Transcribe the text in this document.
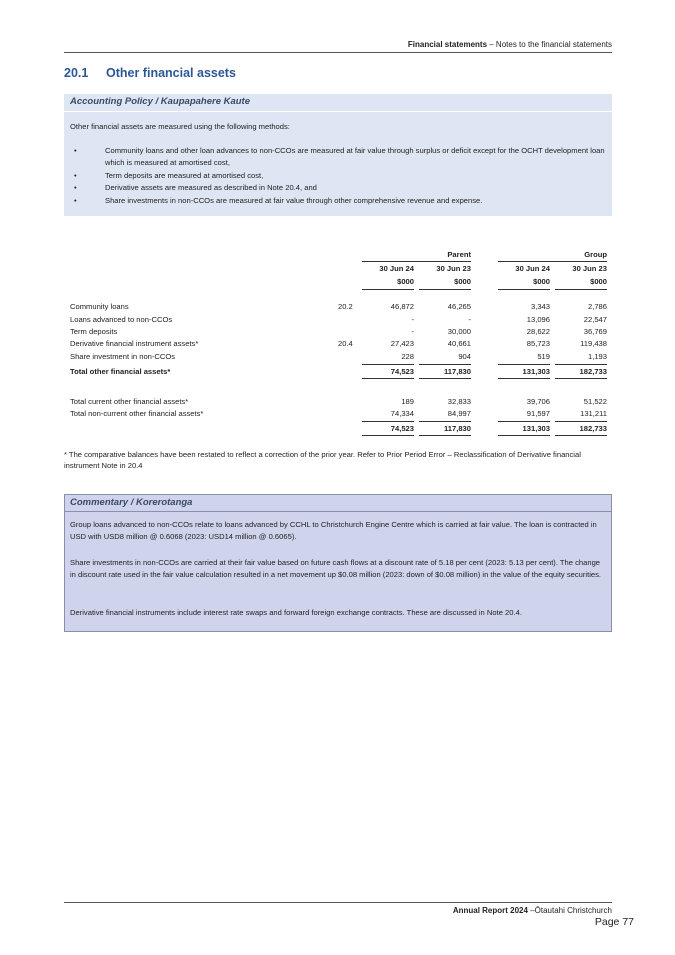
Financial statements – Notes to the financial statements
20.1 Other financial assets
Accounting Policy / Kaupapahere Kaute
Other financial assets are measured using the following methods:
•	Community loans and other loan advances to non-CCOs are measured at fair value through surplus or deficit except for the OCHT development loan which is measured at amortised cost,
•	Term deposits are measured at amortised cost,
•	Derivative assets are measured as described in Note 20.4, and
•	Share investments in non-CCOs are measured at fair value through other comprehensive revenue and expense.
Parent	Group
30 Jun 24	30 Jun 23	30 Jun 24	30 Jun 23
$000	$000	$000	$000
Community loans	20.2	46,872	46,265	3,343	2,786
Loans advanced to non-CCOs	-	-	13,096	22,547
Term deposits	-	30,000	28,622	36,769
Derivative financial instrument assets*	20.4	27,423	40,661	85,723	119,438
Share investment in non-CCOs	228	904	519	1,193
Total other financial assets*	74,523	117,830	131,303	182,733
Total current other financial assets*	189	32,833	39,706	51,522
Total non-current other financial assets*	74,334	84,997	91,597	131,211
74,523	117,830	131,303	182,733
* The comparative balances have been restated to reflect a correction of the prior year. Refer to Prior Period Error – Reclassification of Derivative financial instrument Note in 20.4
Commentary / Korerotanga
Group loans advanced to non-CCOs relate to loans advanced by CCHL to Christchurch Engine Centre which is carried at fair value. The loan is contracted in USD with USD8 million @ 0.6068 (2023: USD14 million @ 0.6065).
Share investments in non-CCOs are carried at their fair value based on future cash flows at a discount rate of 5.18 per cent (2023: 5.13 per cent). The change in discount rate used in the fair value calculation resulted in a net movement up $0.08 million (2023: down of $0.08 million) in the value of the equity securities.
Derivative financial instruments include interest rate swaps and forward foreign exchange contracts. These are discussed in Note 20.4.
Annual Report 2024 –Ōtautahi Christchurch
Page 77
